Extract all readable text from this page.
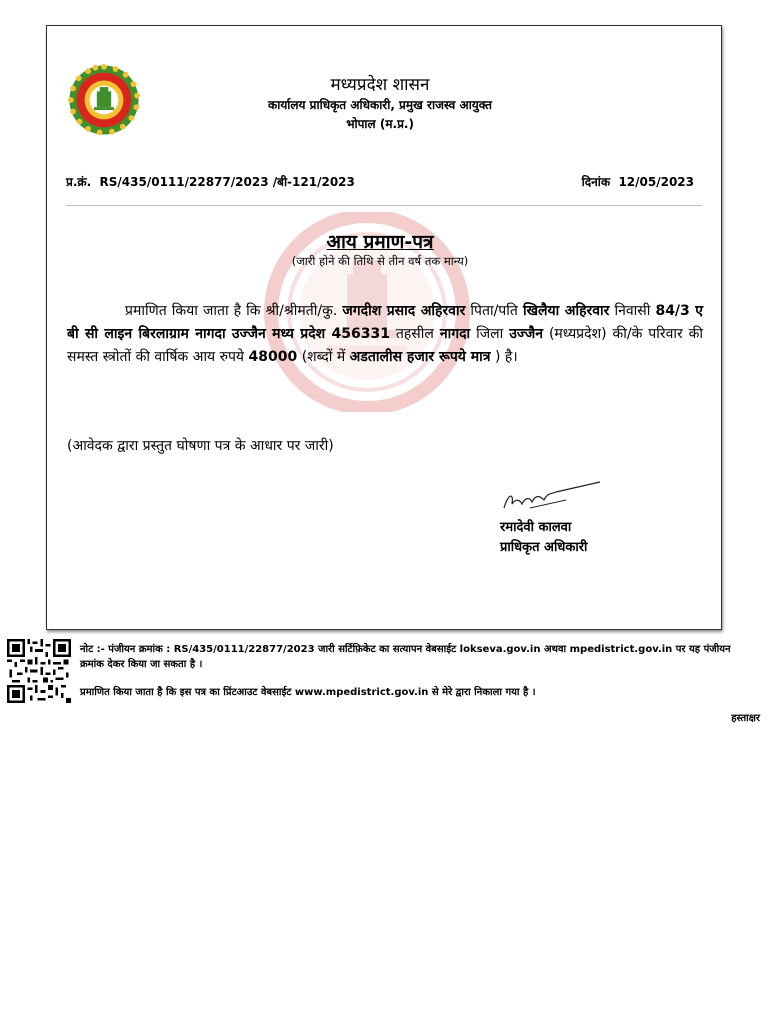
मध्यप्रदेश शासन
कार्यालय प्राधिकृत अधिकारी, प्रमुख राजस्व आयुक्त
भोपाल (म.प्र.)
प्र.क्रं. RS/435/0111/22877/2023 /बी-121/2023	दिनांक 12/05/2023
आय प्रमाण-पत्र
(जारी होने की तिथि से तीन वर्ष तक मान्य)
प्रमाणित किया जाता है कि श्री/श्रीमती/कु. जगदीश प्रसाद अहिरवार पिता/पति खिलैया अहिरवार निवासी 84/3 ए बी सी लाइन बिरलाग्राम नागदा उज्जैन मध्य प्रदेश 456331 तहसील नागदा जिला उज्जैन (मध्यप्रदेश) की/के परिवार की समस्त स्त्रोतों की वार्षिक आय रुपये 48000 (शब्दों में अडतालीस हजार रूपये मात्र ) है।
(आवेदक द्वारा प्रस्तुत घोषणा पत्र के आधार पर जारी)
रमादेवी कालवा
प्राधिकृत अधिकारी
नोट :- पंजीयन क्रमांक : RS/435/0111/22877/2023 जारी सर्टिफ़िकेट का सत्यापन वेबसाईट lokseva.gov.in अथवा mpedistrict.gov.in पर यह पंजीयन क्रमांक देकर किया जा सकता है ।
प्रमाणित किया जाता है कि इस पत्र का प्रिंटआउट वेबसाईट www.mpedistrict.gov.in से मेरे द्वारा निकाला गया है ।
हस्ताक्षर
